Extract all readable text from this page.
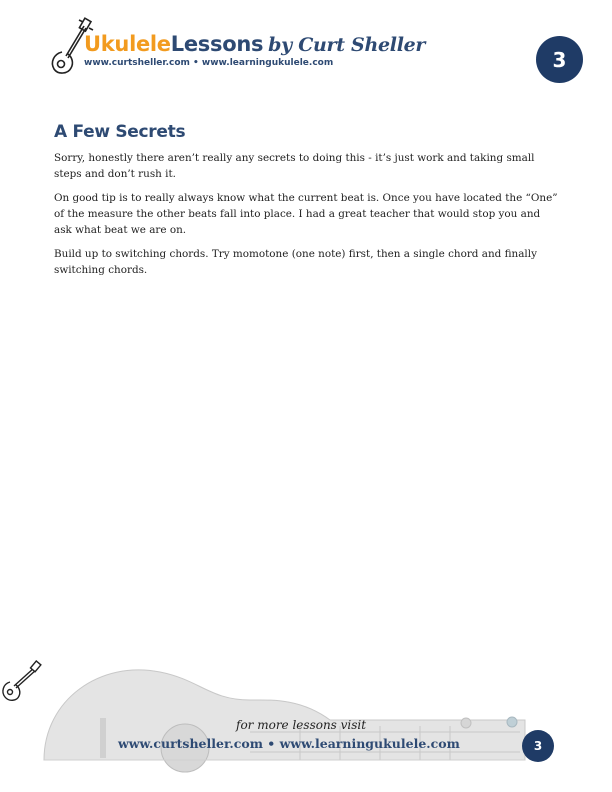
UkuleleLessons by Curt Sheller
www.curtsheller.com • www.learningukulele.com	3
A Few Secrets

Sorry, honestly there aren’t really any secrets to doing this - it’s just work and taking small steps and don’t rush it.

On good tip is to really always know what the current beat is. Once you have located the “One” of the measure the other beats fall into place. I had a great teacher that would stop you and ask what beat we are on.

Build up to switching chords. Try momotone (one note) first, then a single chord and finally switching chords.

for more lessons visit
www.curtsheller.com • www.learningukulele.com	3
